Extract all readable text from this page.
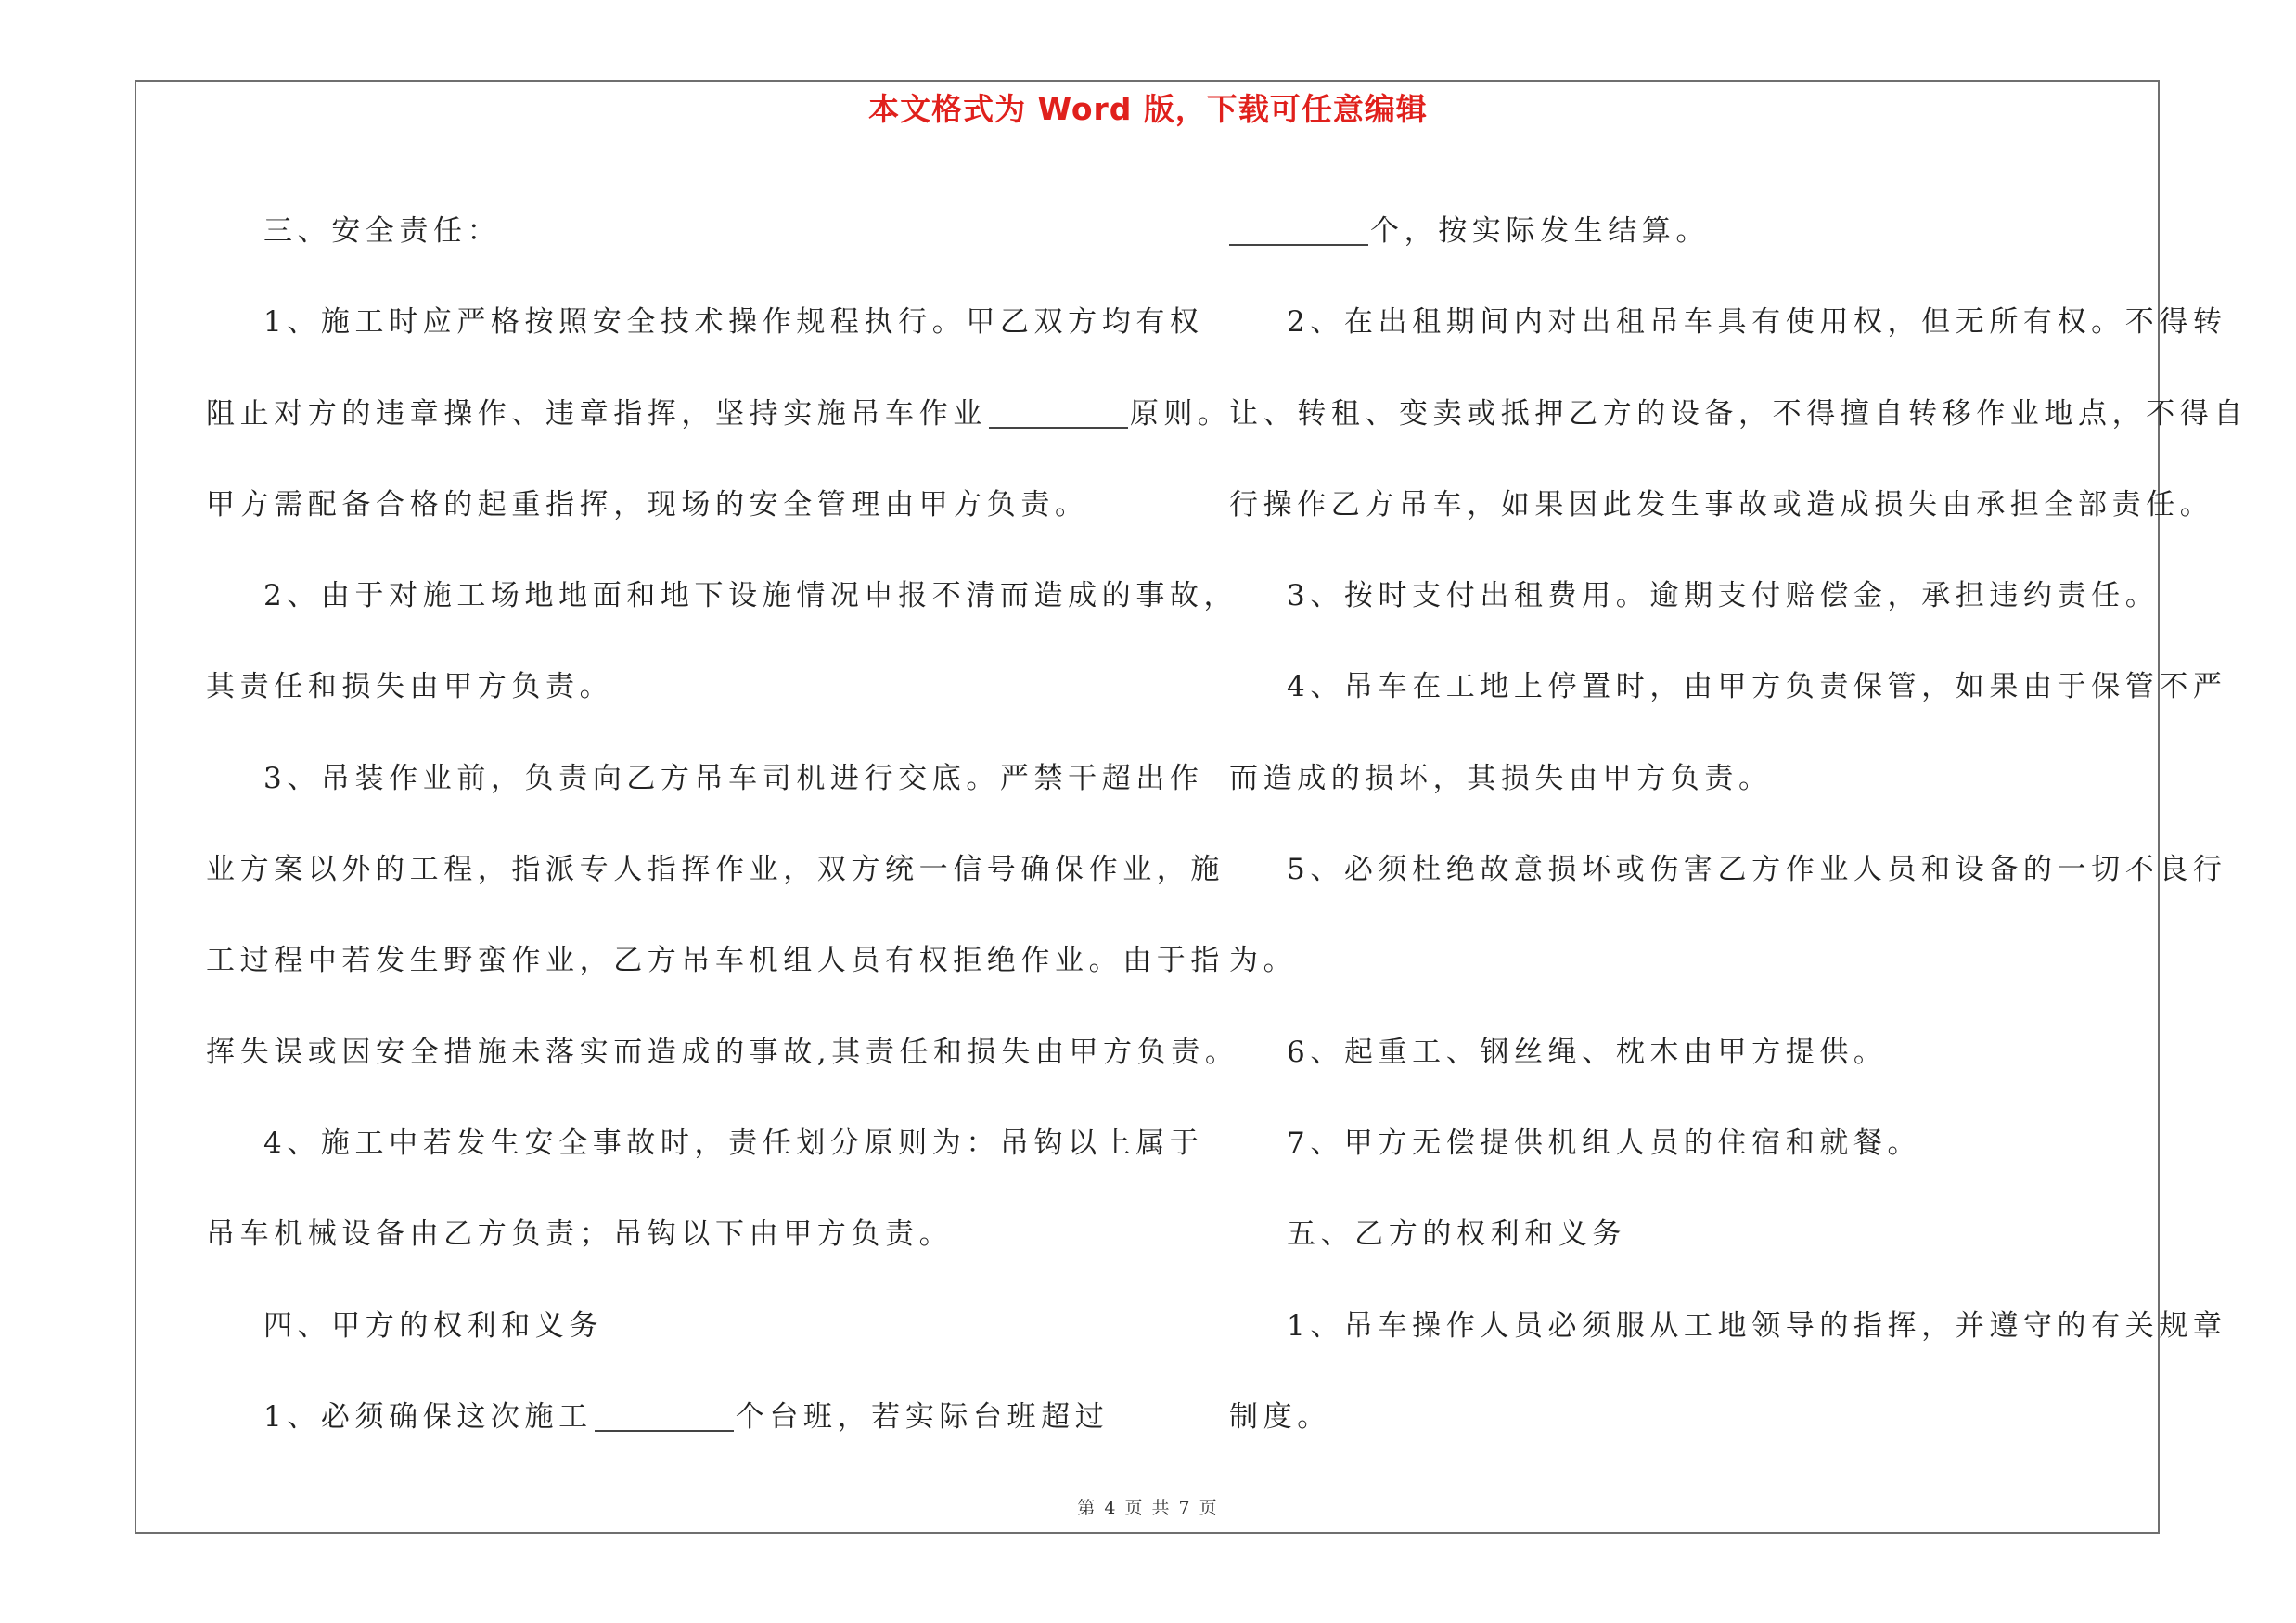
本文格式为 Word 版，下载可任意编辑

三、安全责任：

1、施工时应严格按照安全技术操作规程执行。甲乙双方均有权

阻止对方的违章操作、违章指挥，坚持实施吊车作业	原则。

甲方需配备合格的起重指挥，现场的安全管理由甲方负责。

2、由于对施工场地地面和地下设施情况申报不清而造成的事故，

其责任和损失由甲方负责。

3、吊装作业前，负责向乙方吊车司机进行交底。严禁干超出作

业方案以外的工程，指派专人指挥作业，双方统一信号确保作业，施

工过程中若发生野蛮作业，乙方吊车机组人员有权拒绝作业。由于指

挥失误或因安全措施未落实而造成的事故,其责任和损失由甲方负责。

4、施工中若发生安全事故时，责任划分原则为：吊钩以上属于

吊车机械设备由乙方负责；吊钩以下由甲方负责。

四、甲方的权利和义务

1、必须确保这次施工	个台班，若实际台班超过

个，按实际发生结算。

2、在出租期间内对出租吊车具有使用权，但无所有权。不得转

让、转租、变卖或抵押乙方的设备，不得擅自转移作业地点，不得自

行操作乙方吊车，如果因此发生事故或造成损失由承担全部责任。

3、按时支付出租费用。逾期支付赔偿金，承担违约责任。

4、吊车在工地上停置时，由甲方负责保管，如果由于保管不严

而造成的损坏，其损失由甲方负责。

5、必须杜绝故意损坏或伤害乙方作业人员和设备的一切不良行

为。

6、起重工、钢丝绳、枕木由甲方提供。

7、甲方无偿提供机组人员的住宿和就餐。

五、乙方的权利和义务

1、吊车操作人员必须服从工地领导的指挥，并遵守的有关规章

制度。

第 4 页 共 7 页
